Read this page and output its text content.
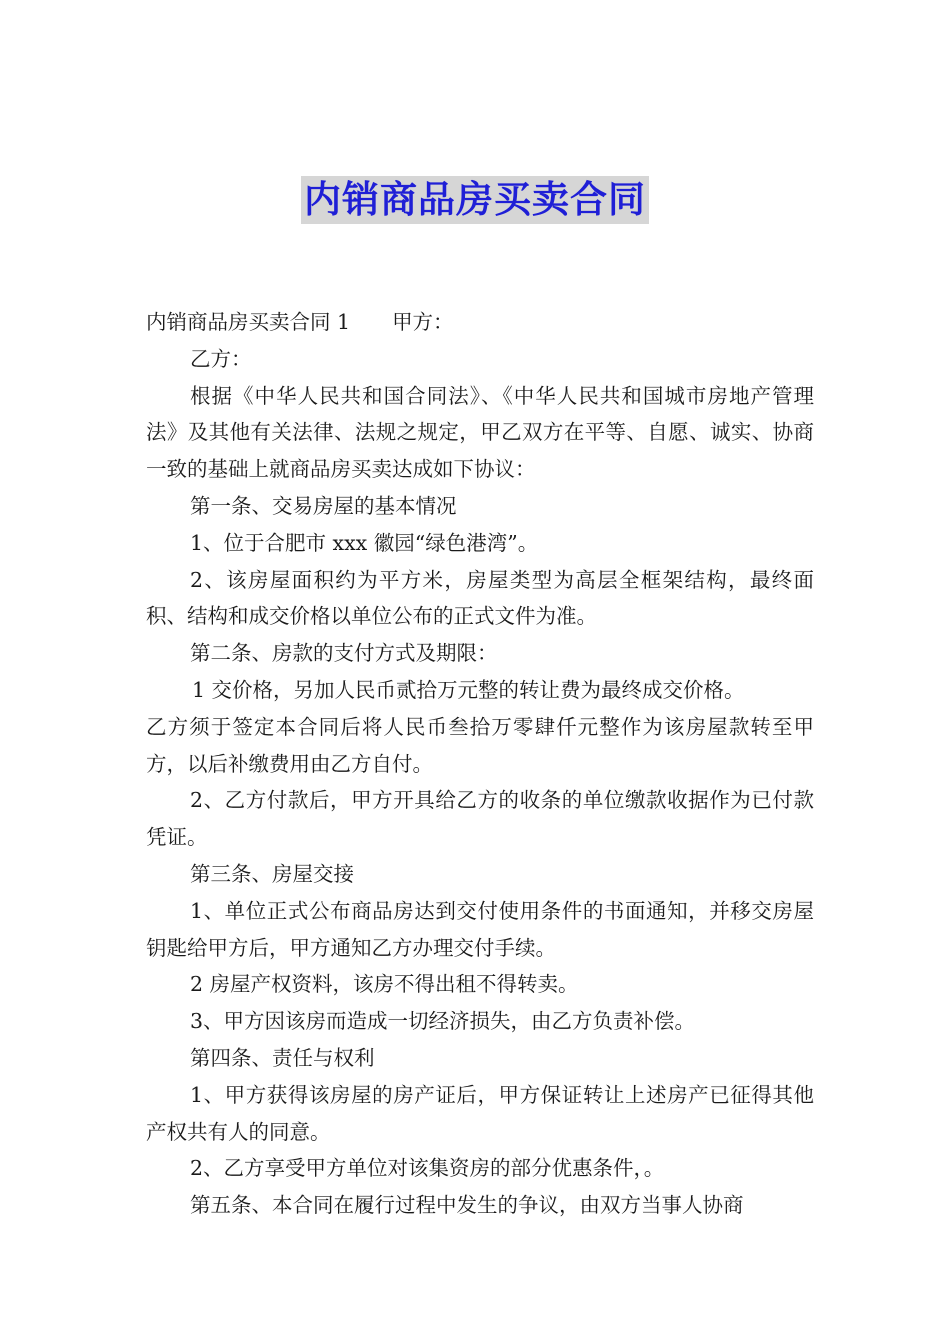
内销商品房买卖合同

内销商品房买卖合同 1 甲方：

乙方：

根据《中华人民共和国合同法》、《中华人民共和国城市房地产管理法》及其他有关法律、法规之规定，甲乙双方在平等、自愿、诚实、协商一致的基础上就商品房买卖达成如下协议：

第一条、交易房屋的基本情况

1、位于合肥市 xxx 徽园“绿色港湾”。

2、该房屋面积约为平方米，房屋类型为高层全框架结构，最终面积、结构和成交价格以单位公布的正式文件为准。

第二条、房款的支付方式及期限：

1 交价格，另加人民币贰拾万元整的转让费为最终成交价格。

乙方须于签定本合同后将人民币叁拾万零肆仟元整作为该房屋款转至甲方，以后补缴费用由乙方自付。

2、乙方付款后，甲方开具给乙方的收条的单位缴款收据作为已付款凭证。

第三条、房屋交接

1、单位正式公布商品房达到交付使用条件的书面通知，并移交房屋钥匙给甲方后，甲方通知乙方办理交付手续。

2 房屋产权资料，该房不得出租不得转卖。

3、甲方因该房而造成一切经济损失，由乙方负责补偿。

第四条、责任与权利

1、甲方获得该房屋的房产证后，甲方保证转让上述房产已征得其他产权共有人的同意。

2、乙方享受甲方单位对该集资房的部分优惠条件，。

第五条、本合同在履行过程中发生的争议，由双方当事人协商
